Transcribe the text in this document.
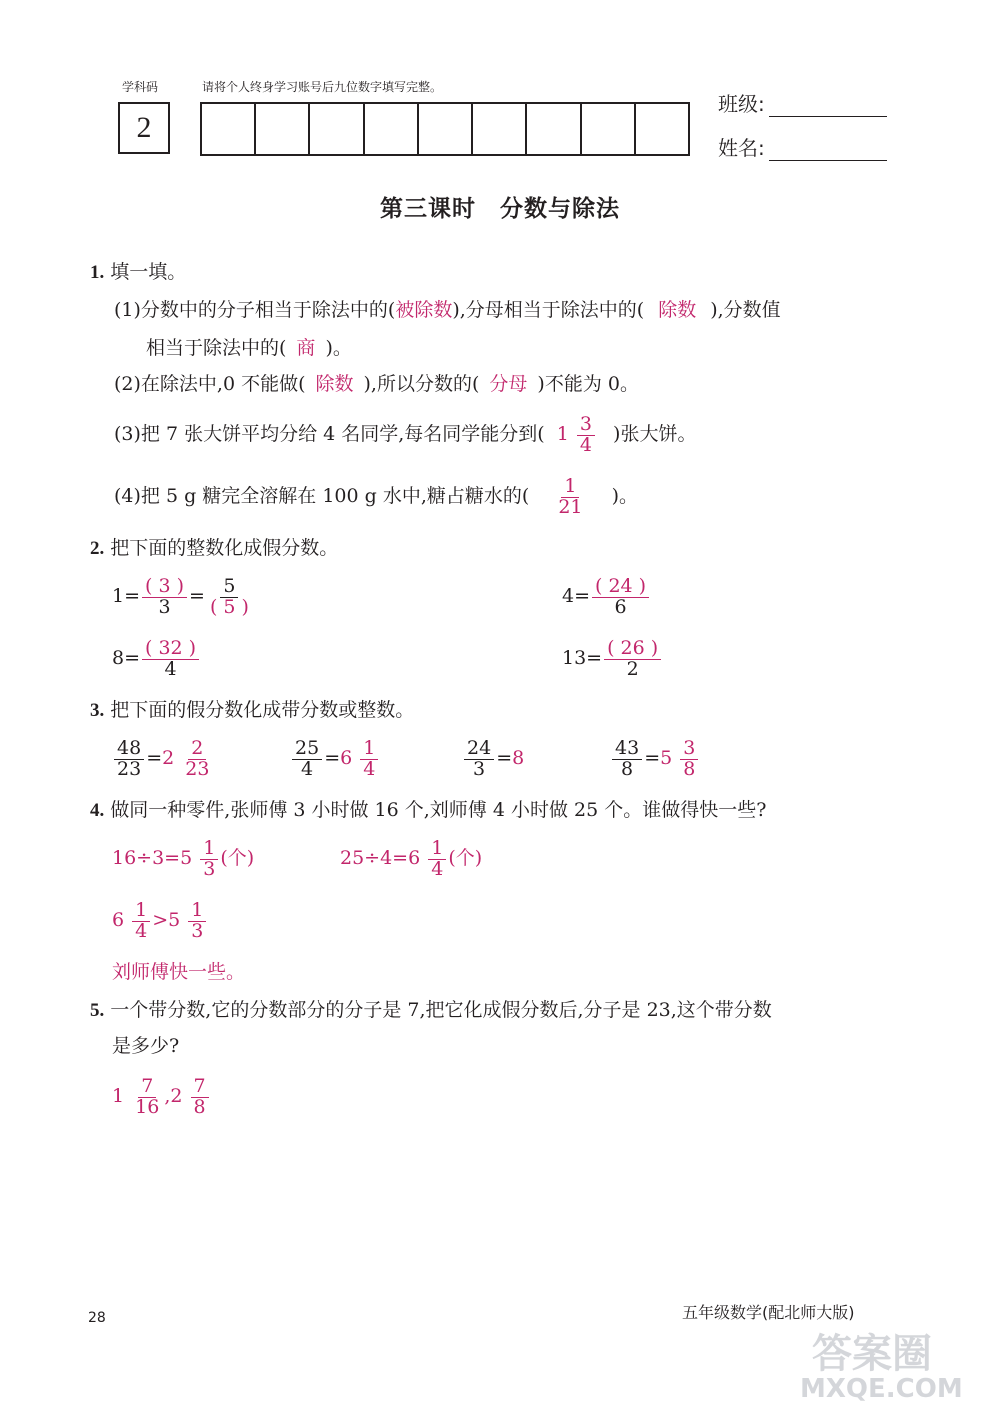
学科码	请将个人终身学习账号后九位数字填写完整。
2
班级:
姓名:
第三课时　分数与除法
1. 填一填。
(1)分数中的分子相当于除法中的(被除数),分母相当于除法中的( 除数 ),分数值
相当于除法中的( 商 )。
(2)在除法中,0 不能做( 除数 ),所以分数的( 分母 )不能为 0。
(3)把 7 张大饼平均分给 4 名同学,每名同学能分到( $1 \frac{3}{4}$ )张大饼。
(4)把 5 g 糖完全溶解在 100 g 水中,糖占糖水的( $\frac{1}{21}$ )。
2. 把下面的整数化成假分数。
$1= \frac{( 3 )}{3} = \frac{5}{( 5 )}$	$4= \frac{( 24 )}{6}$
$8= \frac{( 32 )}{4}$	$13= \frac{( 26 )}{2}$
3. 把下面的假分数化成带分数或整数。
$\frac{48}{23} =2 \frac{2}{23}$	$\frac{25}{4} =6 \frac{1}{4}$	$\frac{24}{3} =8$	$\frac{43}{8} =5 \frac{3}{8}$
4. 做同一种零件,张师傅 3 小时做 16 个,刘师傅 4 小时做 25 个。谁做得快一些?
$16\div 3=5 \frac{1}{3}$ (个)	$25\div 4=6 \frac{1}{4}$ (个)
$6 \frac{1}{4} >5 \frac{1}{3}$
刘师傅快一些。
5. 一个带分数,它的分数部分的分子是 7,把它化成假分数后,分子是 23,这个带分数
是多少?
$1 \frac{7}{16} ,2 \frac{7}{8}$
28	五年级数学(配北师大版)
答案圈
MXQE.COM
